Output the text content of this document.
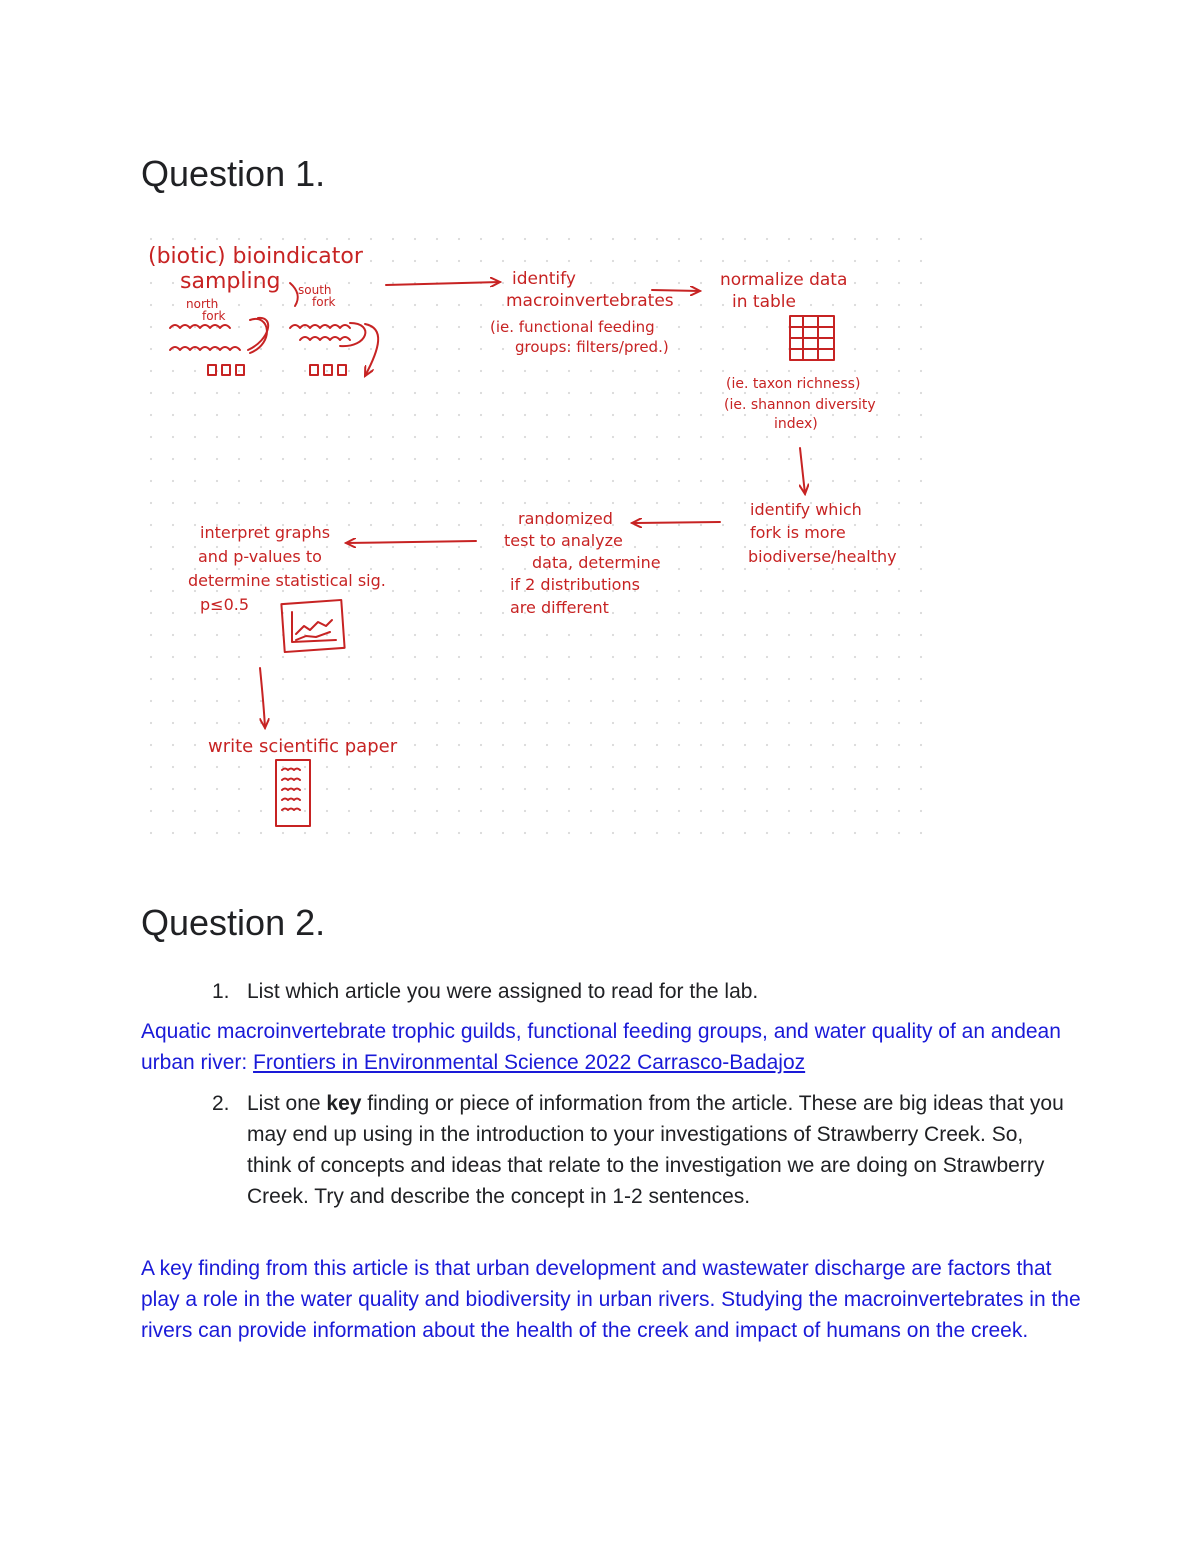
Question 1.
(biotic) bioindicator
sampling
north
fork
south
fork
identify
macroinvertebrates
(ie. functional feeding
groups: filters/pred.)
normalize data
in table
(ie. taxon richness)
(ie. shannon diversity
index)
identify which
fork is more
biodiverse/healthy
randomized
test to analyze
data, determine
if 2 distributions
are different
interpret graphs
and p-values to
determine statistical sig.
p≤0.5
write scientific paper
Question 2.
1. List which article you were assigned to read for the lab.
Aquatic macroinvertebrate trophic guilds, functional feeding groups, and water quality of an andean urban river: Frontiers in Environmental Science 2022 Carrasco-Badajoz
2. List one key finding or piece of information from the article. These are big ideas that you may end up using in the introduction to your investigations of Strawberry Creek. So, think of concepts and ideas that relate to the investigation we are doing on Strawberry Creek. Try and describe the concept in 1-2 sentences.
A key finding from this article is that urban development and wastewater discharge are factors that play a role in the water quality and biodiversity in urban rivers. Studying the macroinvertebrates in the rivers can provide information about the health of the creek and impact of humans on the creek.
